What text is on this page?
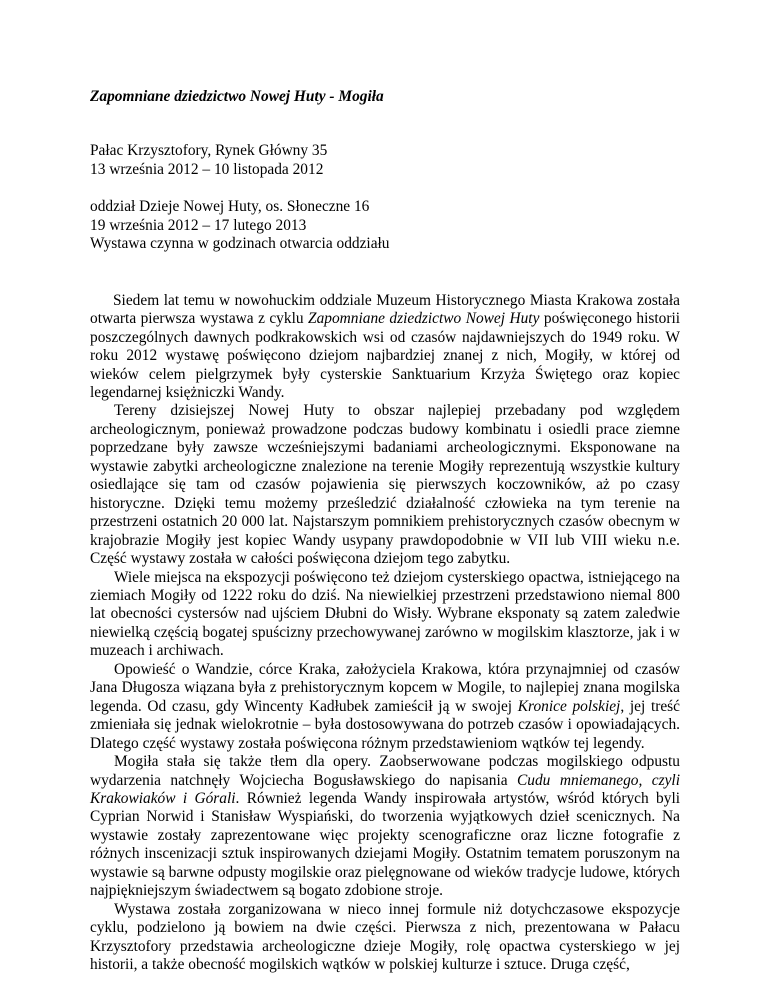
Zapomniane dziedzictwo Nowej Huty - Mogiła

Pałac Krzysztofory, Rynek Główny 35

13 września 2012 – 10 listopada 2012

oddział Dzieje Nowej Huty, os. Słoneczne 16

19 września 2012 – 17 lutego 2013

Wystawa czynna w godzinach otwarcia oddziału

Siedem lat temu w nowohuckim oddziale Muzeum Historycznego Miasta Krakowa została otwarta pierwsza wystawa z cyklu Zapomniane dziedzictwo Nowej Huty poświęconego historii poszczególnych dawnych podkrakowskich wsi od czasów najdawniejszych do 1949 roku. W roku 2012 wystawę poświęcono dziejom najbardziej znanej z nich, Mogiły, w której od wieków celem pielgrzymek były cysterskie Sanktuarium Krzyża Świętego oraz kopiec legendarnej księżniczki Wandy.

Tereny dzisiejszej Nowej Huty to obszar najlepiej przebadany pod względem archeologicznym, ponieważ prowadzone podczas budowy kombinatu i osiedli prace ziemne poprzedzane były zawsze wcześniejszymi badaniami archeologicznymi. Eksponowane na wystawie zabytki archeologiczne znalezione na terenie Mogiły reprezentują wszystkie kultury osiedlające się tam od czasów pojawienia się pierwszych koczowników, aż po czasy historyczne. Dzięki temu możemy prześledzić działalność człowieka na tym terenie na przestrzeni ostatnich 20 000 lat. Najstarszym pomnikiem prehistorycznych czasów obecnym w krajobrazie Mogiły jest kopiec Wandy usypany prawdopodobnie w VII lub VIII wieku n.e. Część wystawy została w całości poświęcona dziejom tego zabytku.

Wiele miejsca na ekspozycji poświęcono też dziejom cysterskiego opactwa, istniejącego na ziemiach Mogiły od 1222 roku do dziś. Na niewielkiej przestrzeni przedstawiono niemal 800 lat obecności cystersów nad ujściem Dłubni do Wisły. Wybrane eksponaty są zatem zaledwie niewielką częścią bogatej spuścizny przechowywanej zarówno w mogilskim klasztorze, jak i w muzeach i archiwach.

Opowieść o Wandzie, córce Kraka, założyciela Krakowa, która przynajmniej od czasów Jana Długosza wiązana była z prehistorycznym kopcem w Mogile, to najlepiej znana mogilska legenda. Od czasu, gdy Wincenty Kadłubek zamieścił ją w swojej Kronice polskiej, jej treść zmieniała się jednak wielokrotnie – była dostosowywana do potrzeb czasów i opowiadających. Dlatego część wystawy została poświęcona różnym przedstawieniom wątków tej legendy.

Mogiła stała się także tłem dla opery. Zaobserwowane podczas mogilskiego odpustu wydarzenia natchnęły Wojciecha Bogusławskiego do napisania Cudu mniemanego, czyli Krakowiaków i Górali. Również legenda Wandy inspirowała artystów, wśród których byli Cyprian Norwid i Stanisław Wyspiański, do tworzenia wyjątkowych dzieł scenicznych. Na wystawie zostały zaprezentowane więc projekty scenograficzne oraz liczne fotografie z różnych inscenizacji sztuk inspirowanych dziejami Mogiły. Ostatnim tematem poruszonym na wystawie są barwne odpusty mogilskie oraz pielęgnowane od wieków tradycje ludowe, których najpiękniejszym świadectwem są bogato zdobione stroje.

Wystawa została zorganizowana w nieco innej formule niż dotychczasowe ekspozycje cyklu, podzielono ją bowiem na dwie części. Pierwsza z nich, prezentowana w Pałacu Krzysztofory przedstawia archeologiczne dzieje Mogiły, rolę opactwa cysterskiego w jej historii, a także obecność mogilskich wątków w polskiej kulturze i sztuce. Druga część,
